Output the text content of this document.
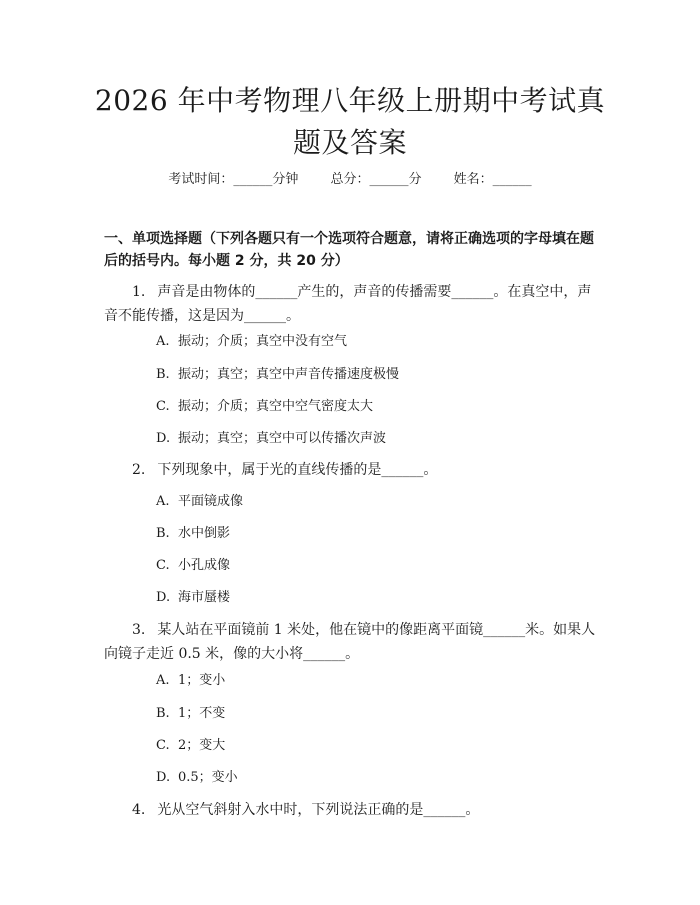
2026 年中考物理八年级上册期中考试真题及答案
考试时间：______分钟 总分：______分 姓名：______
一、单项选择题（下列各题只有一个选项符合题意，请将正确选项的字母填在题后的括号内。每小题 2 分，共 20 分）
1. 声音是由物体的______产生的，声音的传播需要______。在真空中，声音不能传播，这是因为______。
A. 振动；介质；真空中没有空气
B. 振动；真空；真空中声音传播速度极慢
C. 振动；介质；真空中空气密度太大
D. 振动；真空；真空中可以传播次声波
2. 下列现象中，属于光的直线传播的是______。
A. 平面镜成像
B. 水中倒影
C. 小孔成像
D. 海市蜃楼
3. 某人站在平面镜前 1 米处，他在镜中的像距离平面镜______米。如果人向镜子走近 0.5 米，像的大小将______。
A. 1；变小
B. 1；不变
C. 2；变大
D. 0.5；变小
4. 光从空气斜射入水中时，下列说法正确的是______。
